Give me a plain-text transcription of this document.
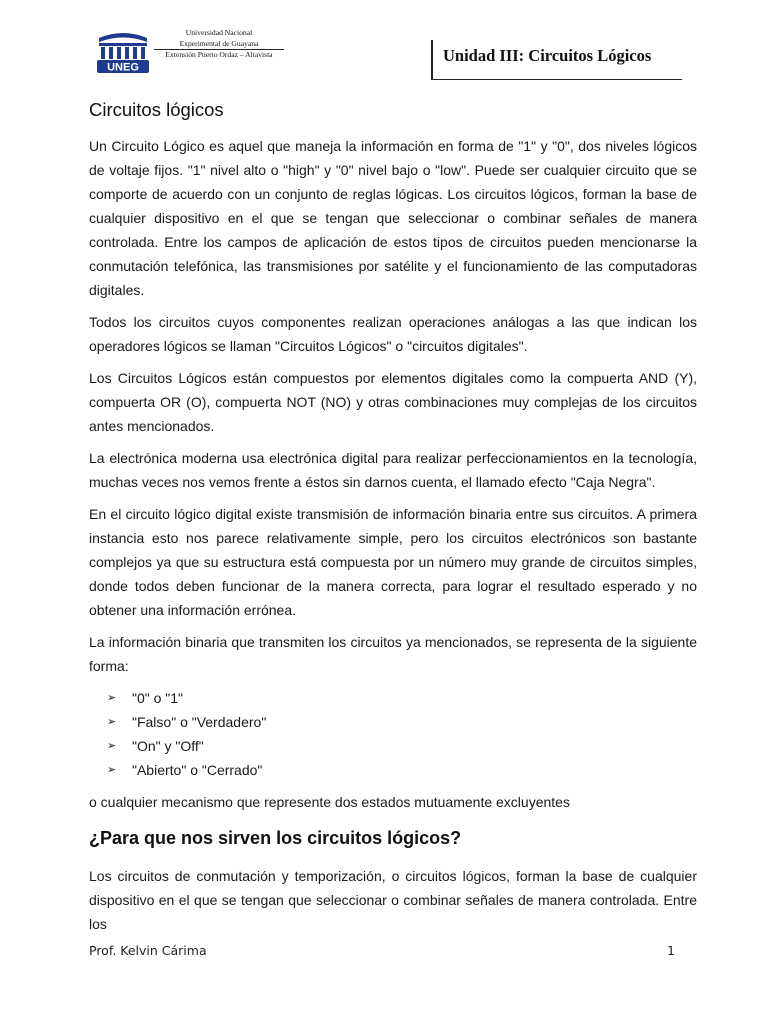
UNEG
Universidad Nacional
Experimental de Guayana
Extensión Puerto Ordaz – Altavista	Unidad III: Circuitos Lógicos
Circuitos lógicos

Un Circuito Lógico es aquel que maneja la información en forma de "1" y "0", dos niveles lógicos de voltaje fijos. "1" nivel alto o "high" y "0" nivel bajo o "low". Puede ser cualquier circuito que se comporte de acuerdo con un conjunto de reglas lógicas. Los circuitos lógicos, forman la base de cualquier dispositivo en el que se tengan que seleccionar o combinar señales de manera controlada. Entre los campos de aplicación de estos tipos de circuitos pueden mencionarse la conmutación telefónica, las transmisiones por satélite y el funcionamiento de las computadoras digitales.

Todos los circuitos cuyos componentes realizan operaciones análogas a las que indican los operadores lógicos se llaman "Circuitos Lógicos" o "circuitos digitales".

Los Circuitos Lógicos están compuestos por elementos digitales como la compuerta AND (Y), compuerta OR (O), compuerta NOT (NO) y otras combinaciones muy complejas de los circuitos antes mencionados.

La electrónica moderna usa electrónica digital para realizar perfeccionamientos en la tecnología, muchas veces nos vemos frente a éstos sin darnos cuenta, el llamado efecto "Caja Negra".

En el circuito lógico digital existe transmisión de información binaria entre sus circuitos. A primera instancia esto nos parece relativamente simple, pero los circuitos electrónicos son bastante complejos ya que su estructura está compuesta por un número muy grande de circuitos simples, donde todos deben funcionar de la manera correcta, para lograr el resultado esperado y no obtener una información errónea.

La información binaria que transmiten los circuitos ya mencionados, se representa de la siguiente forma:

➢	"0" o "1"
➢	"Falso" o "Verdadero"
➢	"On" y "Off"
➢	"Abierto" o "Cerrado"

o cualquier mecanismo que represente dos estados mutuamente excluyentes

¿Para que nos sirven los circuitos lógicos?

Los circuitos de conmutación y temporización, o circuitos lógicos, forman la base de cualquier dispositivo en el que se tengan que seleccionar o combinar señales de manera controlada. Entre los

Prof. Kelvin Cárima	1
